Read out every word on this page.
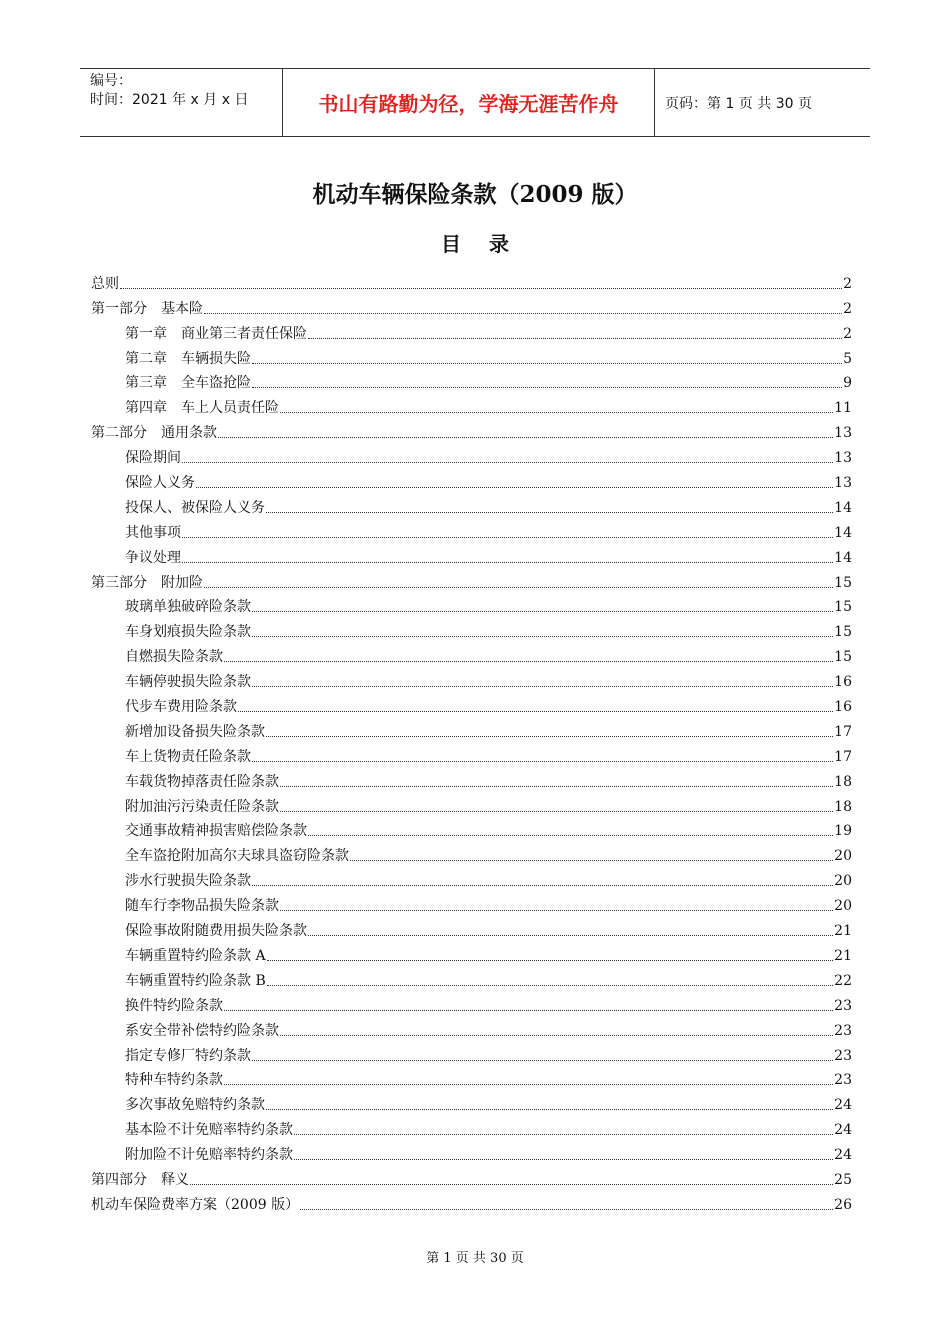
编号：
时间：2021 年 x 月 x 日	书山有路勤为径，学海无涯苦作舟	页码：第 1 页 共 30 页
机动车辆保险条款（2009 版）
目录
总则	2
第一部分　基本险	2
第一章　商业第三者责任保险	2
第二章　车辆损失险	5
第三章　全车盗抢险	9
第四章　车上人员责任险	11
第二部分　通用条款	13
保险期间	13
保险人义务	13
投保人、被保险人义务	14
其他事项	14
争议处理	14
第三部分　附加险	15
玻璃单独破碎险条款	15
车身划痕损失险条款	15
自燃损失险条款	15
车辆停驶损失险条款	16
代步车费用险条款	16
新增加设备损失险条款	17
车上货物责任险条款	17
车载货物掉落责任险条款	18
附加油污污染责任险条款	18
交通事故精神损害赔偿险条款	19
全车盗抢附加高尔夫球具盗窃险条款	20
涉水行驶损失险条款	20
随车行李物品损失险条款	20
保险事故附随费用损失险条款	21
车辆重置特约险条款 A	21
车辆重置特约险条款 B	22
换件特约险条款	23
系安全带补偿特约险条款	23
指定专修厂特约条款	23
特种车特约条款	23
多次事故免赔特约条款	24
基本险不计免赔率特约条款	24
附加险不计免赔率特约条款	24
第四部分　释义	25
机动车保险费率方案（2009 版）	26
第 1 页 共 30 页
